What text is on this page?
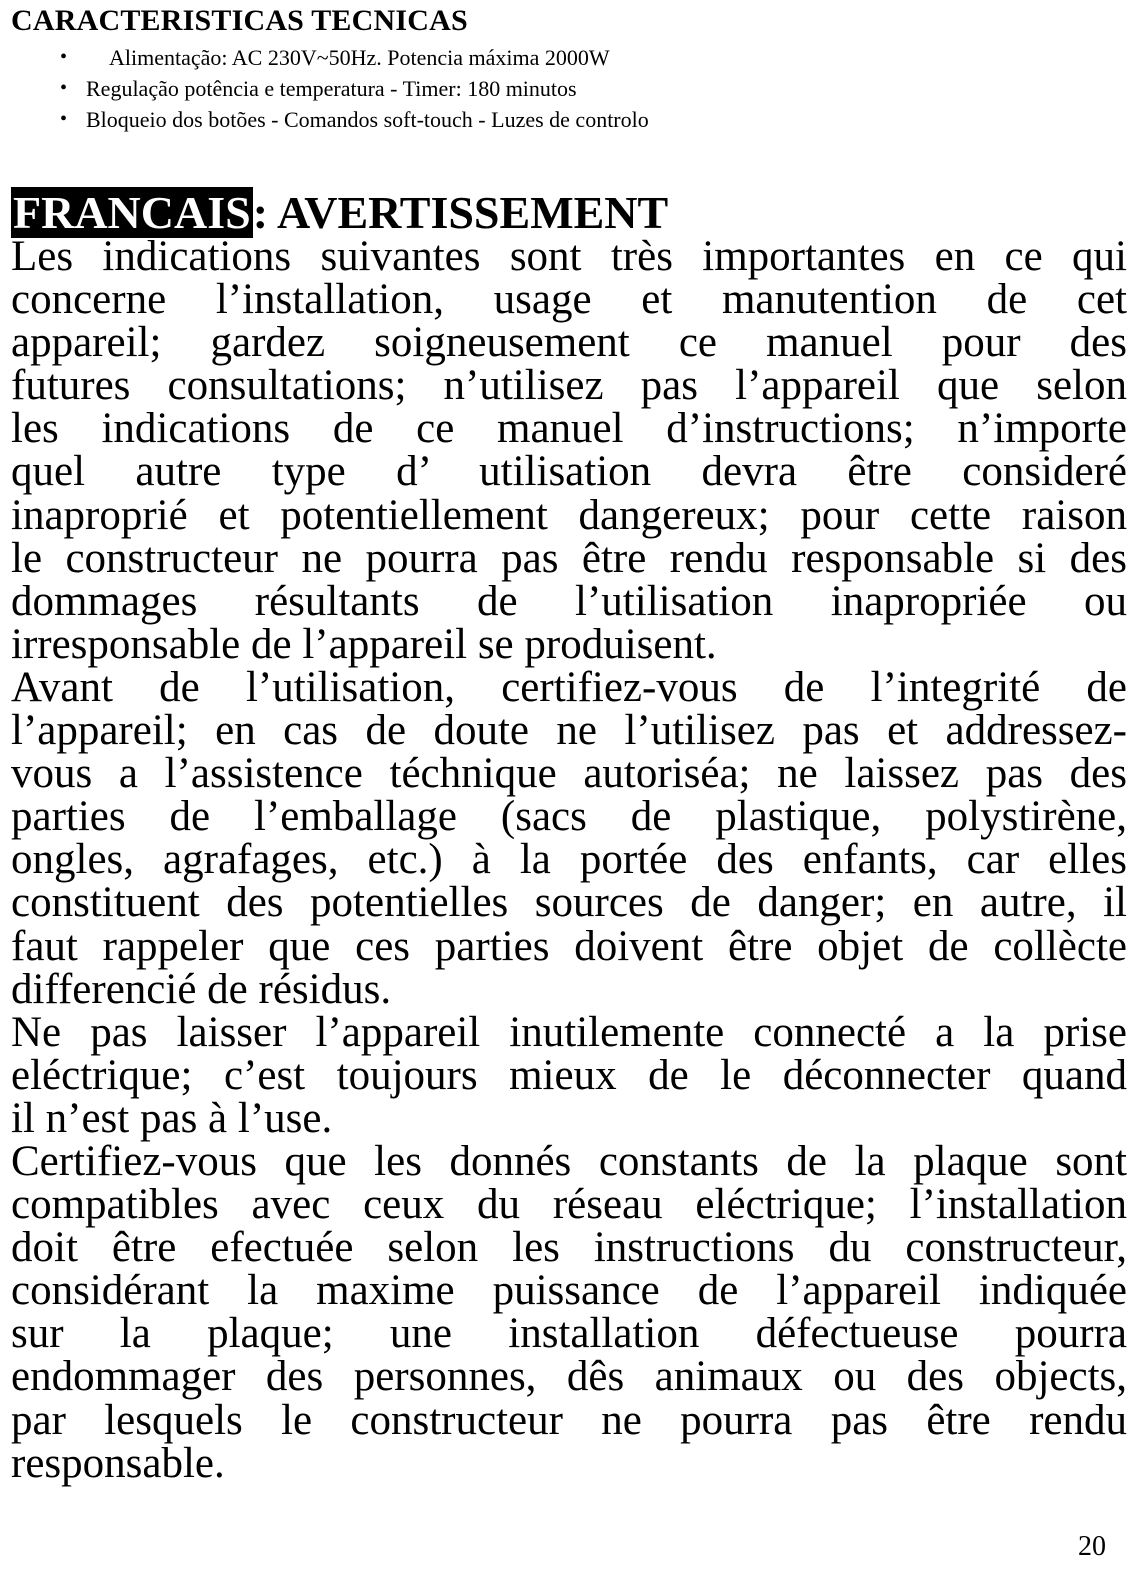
CARACTERISTICAS TECNICAS
• Alimentação: AC 230V~50Hz. Potencia máxima 2000W
• Regulação potência e temperatura - Timer: 180 minutos
• Bloqueio dos botões - Comandos soft-touch - Luzes de controlo
FRANCAIS: AVERTISSEMENT
Les indications suivantes sont très importantes en ce qui
concerne l’installation, usage et manutention de cet
appareil; gardez soigneusement ce manuel pour des
futures consultations; n’utilisez pas l’appareil que selon
les indications de ce manuel d’instructions; n’importe
quel autre type d’ utilisation devra être consideré
inaproprié et potentiellement dangereux; pour cette raison
le constructeur ne pourra pas être rendu responsable si des
dommages résultants de l’utilisation inapropriée ou
irresponsable de l’appareil se produisent.
Avant de l’utilisation, certifiez-vous de l’integrité de
l’appareil; en cas de doute ne l’utilisez pas et addressez-
vous a l’assistence téchnique autoriséa; ne laissez pas des
parties de l’emballage (sacs de plastique, polystirène,
ongles, agrafages, etc.) à la portée des enfants, car elles
constituent des potentielles sources de danger; en autre, il
faut rappeler que ces parties doivent être objet de collècte
differencié de résidus.
Ne pas laisser l’appareil inutilemente connecté a la prise
eléctrique; c’est toujours mieux de le déconnecter quand
il n’est pas à l’use.
Certifiez-vous que les donnés constants de la plaque sont
compatibles avec ceux du réseau eléctrique; l’installation
doit être efectuée selon les instructions du constructeur,
considérant la maxime puissance de l’appareil indiquée
sur la plaque; une installation défectueuse pourra
endommager des personnes, dês animaux ou des objects,
par lesquels le constructeur ne pourra pas être rendu
responsable.
20
